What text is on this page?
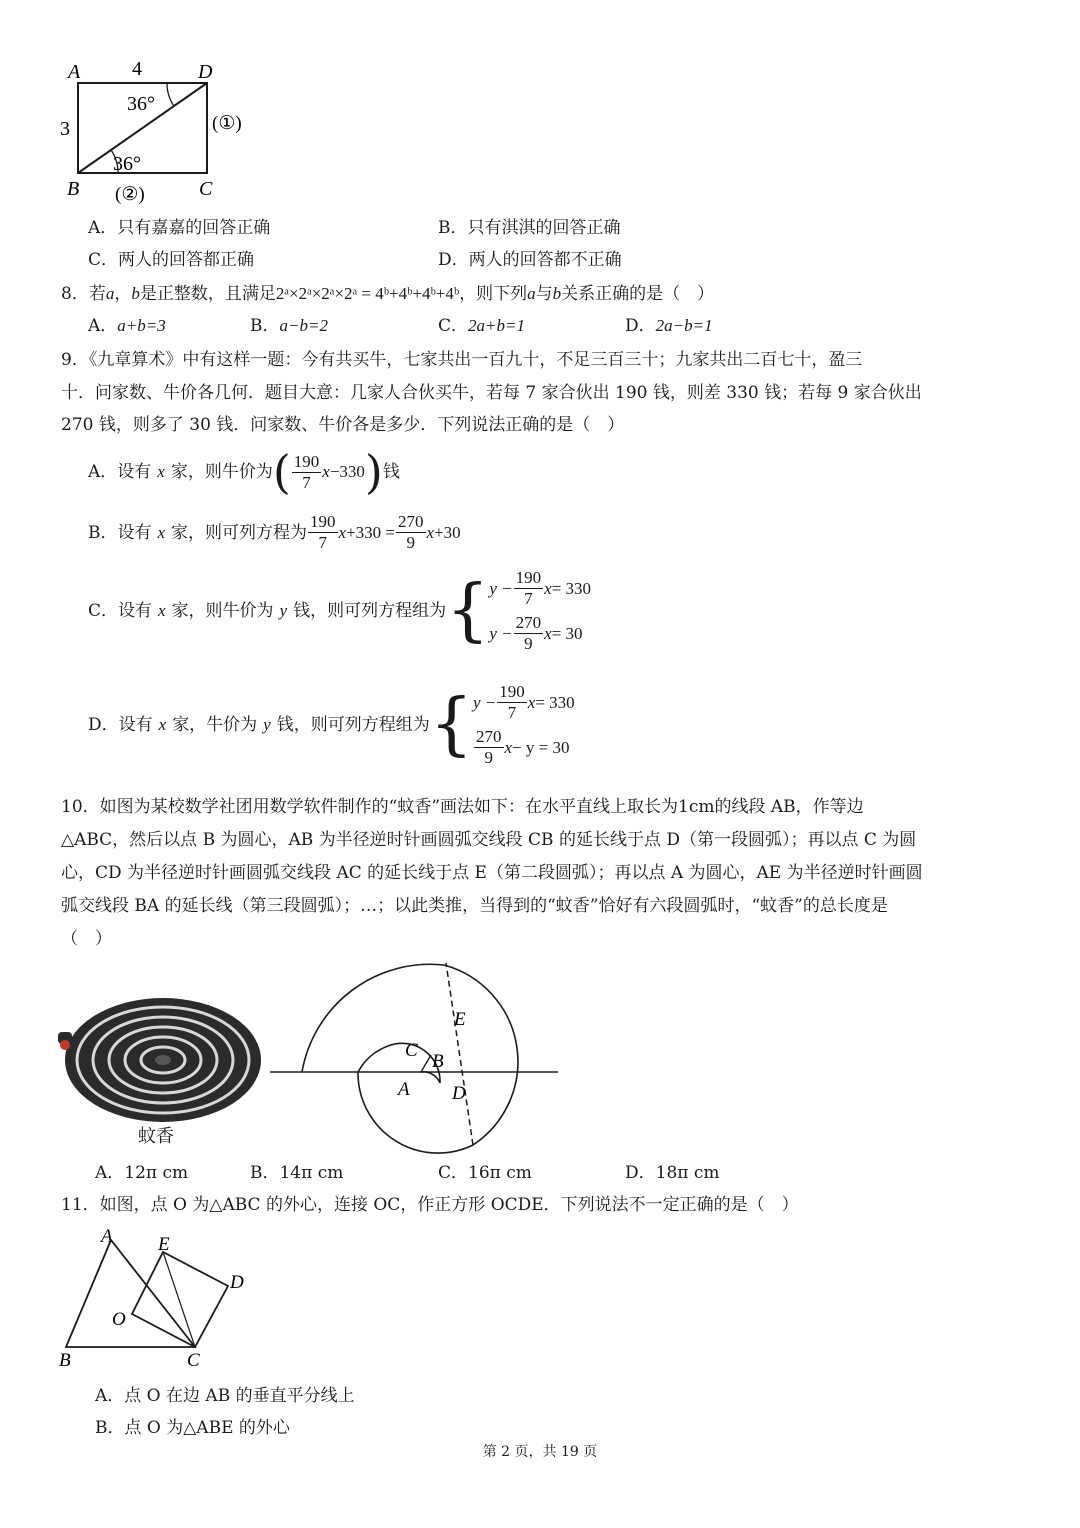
A	D
B	C
4
3
36°
36°
(①)
(②)
A．只有嘉嘉的回答正确	B．只有淇淇的回答正确
C．两人的回答都正确	D．两人的回答都不正确
8．若a，b是正整数，且满足2ᵃ×2ᵃ×2ᵃ×2ᵃ = 4ᵇ+4ᵇ+4ᵇ+4ᵇ，则下列a与b关系正确的是（　）
A．a+b=3	B．a−b=2	C．2a+b=1	D．2a−b=1
9．《九章算术》中有这样一题：今有共买牛，七家共出一百九十，不足三百三十；九家共出二百七十，盈三
十．问家数、牛价各几何．题目大意：几家人合伙买牛，若每 7 家合伙出 190 钱，则差 330 钱；若每 9 家合伙出
270 钱，则多了 30 钱．问家数、牛价各是多少．下列说法正确的是（　）
A．设有 x 家，则牛价为 ( $\frac{190}{7}$ x −330 ) 钱
B．设有 x 家，则可列方程为 $\frac{190}{7}$ $x +330 = \frac{270}{9}$ x +30
C．设有 x 家，则牛价为 y 钱，则可列方程组为 { $y - \frac{190}{7}$ x = 330
$y - \frac{270}{9}$ x = 30
D．设有 x 家，牛价为 y 钱，则可列方程组为 { $y - \frac{190}{7}$ x = 330
$\frac{270}{9}$ x − y = 30
10．如图为某校数学社团用数学软件制作的“蚊香”画法如下：在水平直线上取长为1cm的线段 AB，作等边
△ABC，然后以点 B 为圆心，AB 为半径逆时针画圆弧交线段 CB 的延长线于点 D（第一段圆弧）；再以点 C 为圆
心，CD 为半径逆时针画圆弧交线段 AC 的延长线于点 E（第二段圆弧）；再以点 A 为圆心，AE 为半径逆时针画圆
弧交线段 BA 的延长线（第三段圆弧）；…；以此类推，当得到的“蚊香”恰好有六段圆弧时，“蚊香”的总长度是
（　）
蚊香
E
C
B
A D
A．12π cm	B．14π cm	C．16π cm	D．18π cm
11．如图，点 O 为△ABC 的外心，连接 OC，作正方形 OCDE．下列说法不一定正确的是（　）
A E
D
O
B	C
A．点 O 在边 AB 的垂直平分线上
B．点 O 为△ABE 的外心
第 2 页，共 19 页
